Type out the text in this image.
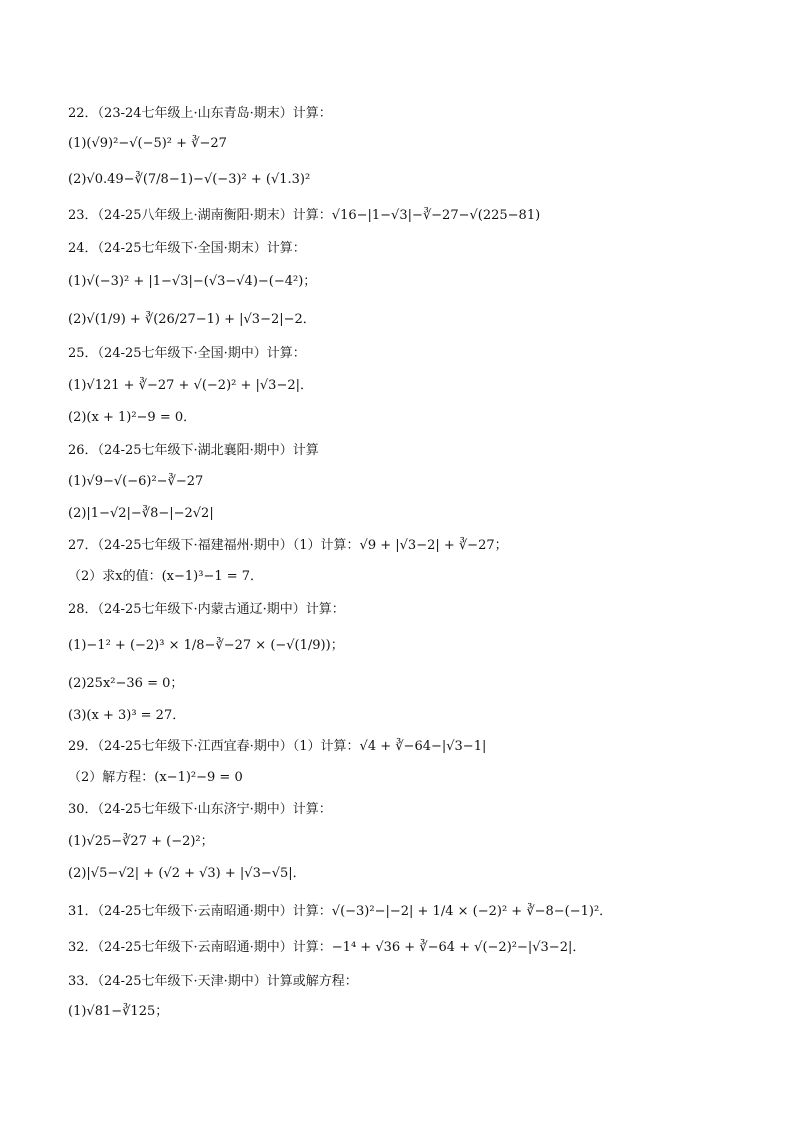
22．（23-24七年级上·山东青岛·期末）计算：
(1)(√9)²−√(−5)² + ∛−27
(2)√0.49−∛(7/8−1)−√(−3)² + (√1.3)²
23．（24-25八年级上·湖南衡阳·期末）计算：√16−|1−√3|−∛−27−√(225−81)
24．（24-25七年级下·全国·期末）计算：
(1)√(−3)² + |1−√3|−(√3−√4)−(−4²)；
(2)√(1/9) + ∛(26/27−1) + |√3−2|−2．
25．（24-25七年级下·全国·期中）计算：
(1)√121 + ∛−27 + √(−2)² + |√3−2|．
(2)(x + 1)²−9 = 0．
26．（24-25七年级下·湖北襄阳·期中）计算
(1)√9−√(−6)²−∛−27
(2)|1−√2|−∛8−|−2√2|
27．（24-25七年级下·福建福州·期中）（1）计算：√9 + |√3−2| + ∛−27；
（2）求x的值：(x−1)³−1 = 7．
28．（24-25七年级下·内蒙古通辽·期中）计算：
(1)−1² + (−2)³ × 1/8−∛−27 × (−√(1/9))；
(2)25x²−36 = 0；
(3)(x + 3)³ = 27．
29．（24-25七年级下·江西宜春·期中）（1）计算：√4 + ∛−64−|√3−1|
（2）解方程：(x−1)²−9 = 0
30．（24-25七年级下·山东济宁·期中）计算：
(1)√25−∛27 + (−2)²；
(2)|√5−√2| + (√2 + √3) + |√3−√5|．
31．（24-25七年级下·云南昭通·期中）计算：√(−3)²−|−2| + 1/4 × (−2)² + ∛−8−(−1)²．
32．（24-25七年级下·云南昭通·期中）计算：−1⁴ + √36 + ∛−64 + √(−2)²−|√3−2|．
33．（24-25七年级下·天津·期中）计算或解方程：
(1)√81−∛125；
